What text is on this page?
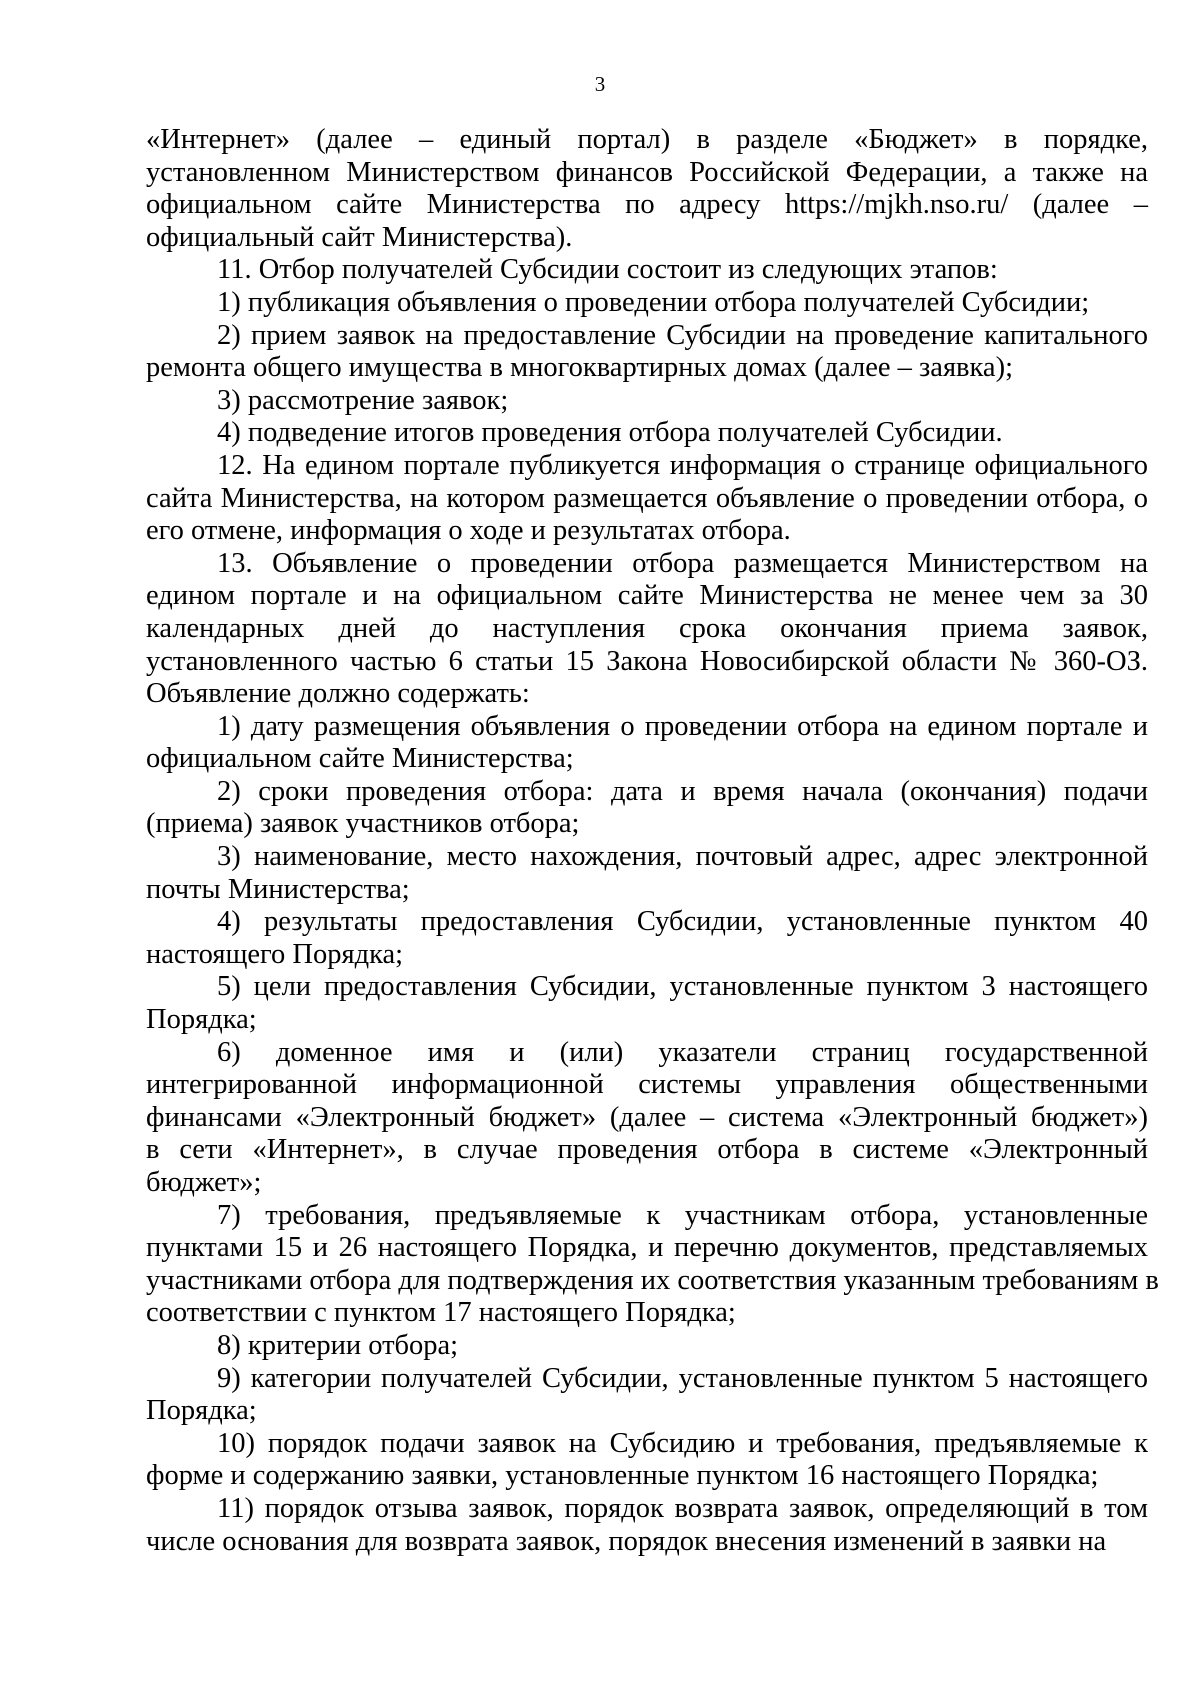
3
«Интернет» (далее – единый портал) в разделе «Бюджет» в порядке,
установленном Министерством финансов Российской Федерации, а также на
официальном сайте Министерства по адресу https://mjkh.nso.ru/ (далее –
официальный сайт Министерства).
11. Отбор получателей Субсидии состоит из следующих этапов:
1) публикация объявления о проведении отбора получателей Субсидии;
2) прием заявок на предоставление Субсидии на проведение капитального
ремонта общего имущества в многоквартирных домах (далее – заявка);
3) рассмотрение заявок;
4) подведение итогов проведения отбора получателей Субсидии.
12. На едином портале публикуется информация о странице официального
сайта Министерства, на котором размещается объявление о проведении отбора, о
его отмене, информация о ходе и результатах отбора.
13. Объявление о проведении отбора размещается Министерством на
едином портале и на официальном сайте Министерства не менее чем за 30
календарных дней до наступления срока окончания приема заявок,
установленного частью 6 статьи 15 Закона Новосибирской области № 360-ОЗ.
Объявление должно содержать:
1) дату размещения объявления о проведении отбора на едином портале и
официальном сайте Министерства;
2) сроки проведения отбора: дата и время начала (окончания) подачи
(приема) заявок участников отбора;
3) наименование, место нахождения, почтовый адрес, адрес электронной
почты Министерства;
4) результаты предоставления Субсидии, установленные пунктом 40
настоящего Порядка;
5) цели предоставления Субсидии, установленные пунктом 3 настоящего
Порядка;
6) доменное имя и (или) указатели страниц государственной
интегрированной информационной системы управления общественными
финансами «Электронный бюджет» (далее – система «Электронный бюджет»)
в сети «Интернет», в случае проведения отбора в системе «Электронный
бюджет»;
7) требования, предъявляемые к участникам отбора, установленные
пунктами 15 и 26 настоящего Порядка, и перечню документов, представляемых
участниками отбора для подтверждения их соответствия указанным требованиям в
соответствии с пунктом 17 настоящего Порядка;
8) критерии отбора;
9) категории получателей Субсидии, установленные пунктом 5 настоящего
Порядка;
10) порядок подачи заявок на Субсидию и требования, предъявляемые к
форме и содержанию заявки, установленные пунктом 16 настоящего Порядка;
11) порядок отзыва заявок, порядок возврата заявок, определяющий в том
числе основания для возврата заявок, порядок внесения изменений в заявки на
